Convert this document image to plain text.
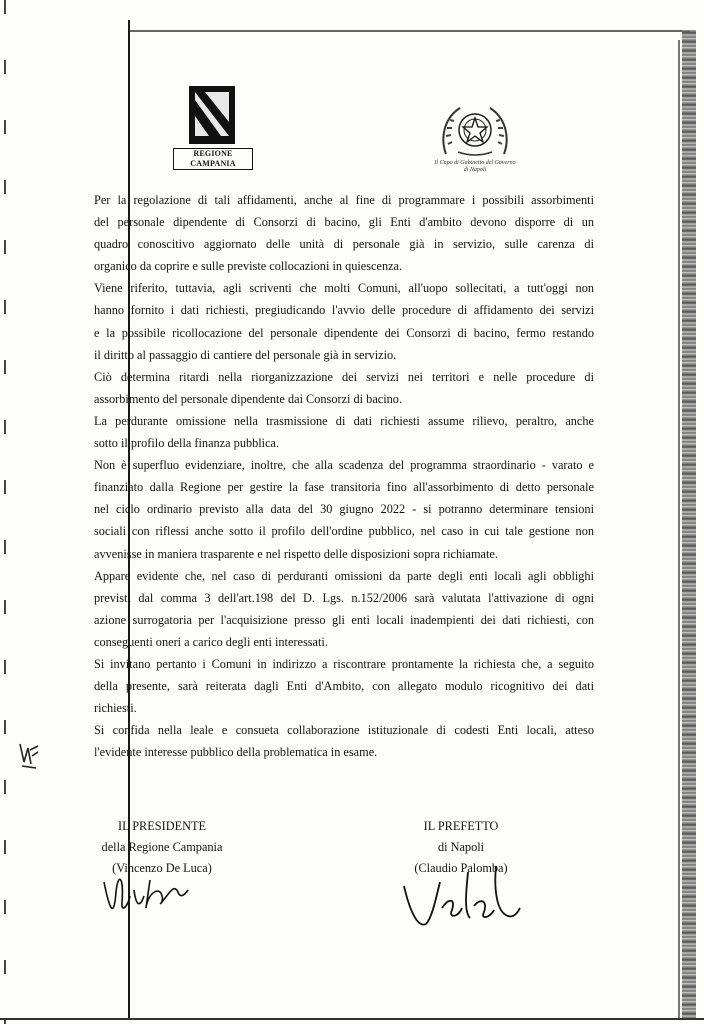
REGIONE CAMPANIA	Il Capo di Gabinetto del Governo
di Napoli

Per la regolazione di tali affidamenti, anche al fine di programmare i possibili assorbimenti
del personale dipendente di Consorzi di bacino, gli Enti d'ambito devono disporre di un
quadro conoscitivo aggiornato delle unità di personale già in servizio, sulle carenza di
organico da coprire e sulle previste collocazioni in quiescenza.

Viene riferito, tuttavia, agli scriventi che molti Comuni, all'uopo sollecitati, a tutt'oggi non
hanno fornito i dati richiesti, pregiudicando l'avvio delle procedure di affidamento dei servizi
e la possibile ricollocazione del personale dipendente dei Consorzi di bacino, fermo restando
il diritto al passaggio di cantiere del personale già in servizio.

Ciò determina ritardi nella riorganizzazione dei servizi nei territori e nelle procedure di
assorbimento del personale dipendente dai Consorzi di bacino.

La perdurante omissione nella trasmissione di dati richiesti assume rilievo, peraltro, anche
sotto il profilo della finanza pubblica.

Non è superfluo evidenziare, inoltre, che alla scadenza del programma straordinario - varato e
finanziato dalla Regione per gestire la fase transitoria fino all'assorbimento di detto personale
nel ciclo ordinario previsto alla data del 30 giugno 2022 - si potranno determinare tensioni
sociali con riflessi anche sotto il profilo dell'ordine pubblico, nel caso in cui tale gestione non
avvenisse in maniera trasparente e nel rispetto delle disposizioni sopra richiamate.

Appare evidente che, nel caso di perduranti omissioni da parte degli enti locali agli obblighi
previsti dal comma 3 dell'art.198 del D. Lgs. n.152/2006 sarà valutata l'attivazione di ogni
azione surrogatoria per l'acquisizione presso gli enti locali inadempienti dei dati richiesti, con
conseguenti oneri a carico degli enti interessati.

Si invitano pertanto i Comuni in indirizzo a riscontrare prontamente la richiesta che, a seguito
della presente, sarà reiterata dagli Enti d'Ambito, con allegato modulo ricognitivo dei dati
richiesti.

Si confida nella leale e consueta collaborazione istituzionale di codesti Enti locali, atteso
l'evidente interesse pubblico della problematica in esame.

IL PRESIDENTE
della Regione Campania
(Vincenzo De Luca)
IL PREFETTO
di Napoli
(Claudio Palomba)
